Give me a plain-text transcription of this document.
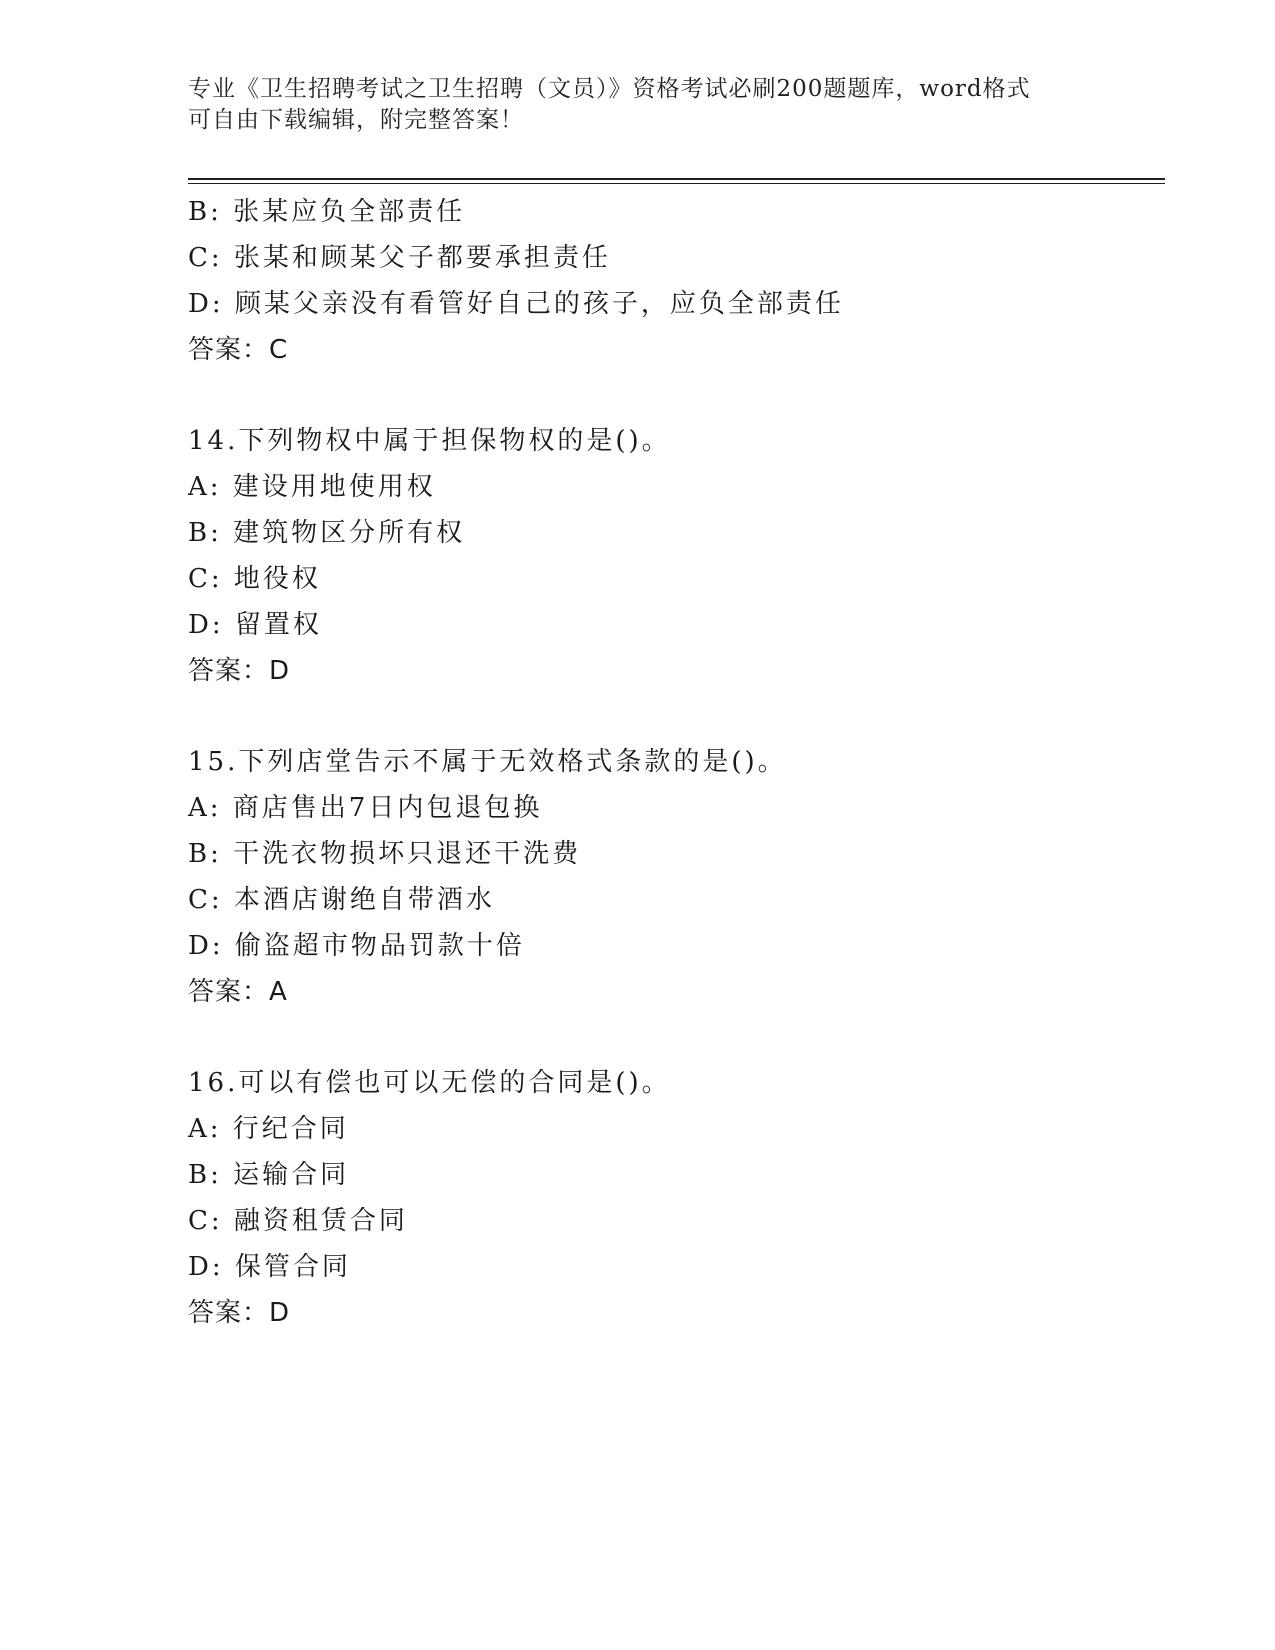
专业《卫生招聘考试之卫生招聘（文员）》资格考试必刷200题题库，word格式
可自由下载编辑，附完整答案！
B: 张某应负全部责任
C: 张某和顾某父子都要承担责任
D: 顾某父亲没有看管好自己的孩子，应负全部责任
答案：C
14.下列物权中属于担保物权的是()。
A: 建设用地使用权
B: 建筑物区分所有权
C: 地役权
D: 留置权
答案：D
15.下列店堂告示不属于无效格式条款的是()。
A: 商店售出7日内包退包换
B: 干洗衣物损坏只退还干洗费
C: 本酒店谢绝自带酒水
D: 偷盗超市物品罚款十倍
答案：A
16.可以有偿也可以无偿的合同是()。
A: 行纪合同
B: 运输合同
C: 融资租赁合同
D: 保管合同
答案：D
